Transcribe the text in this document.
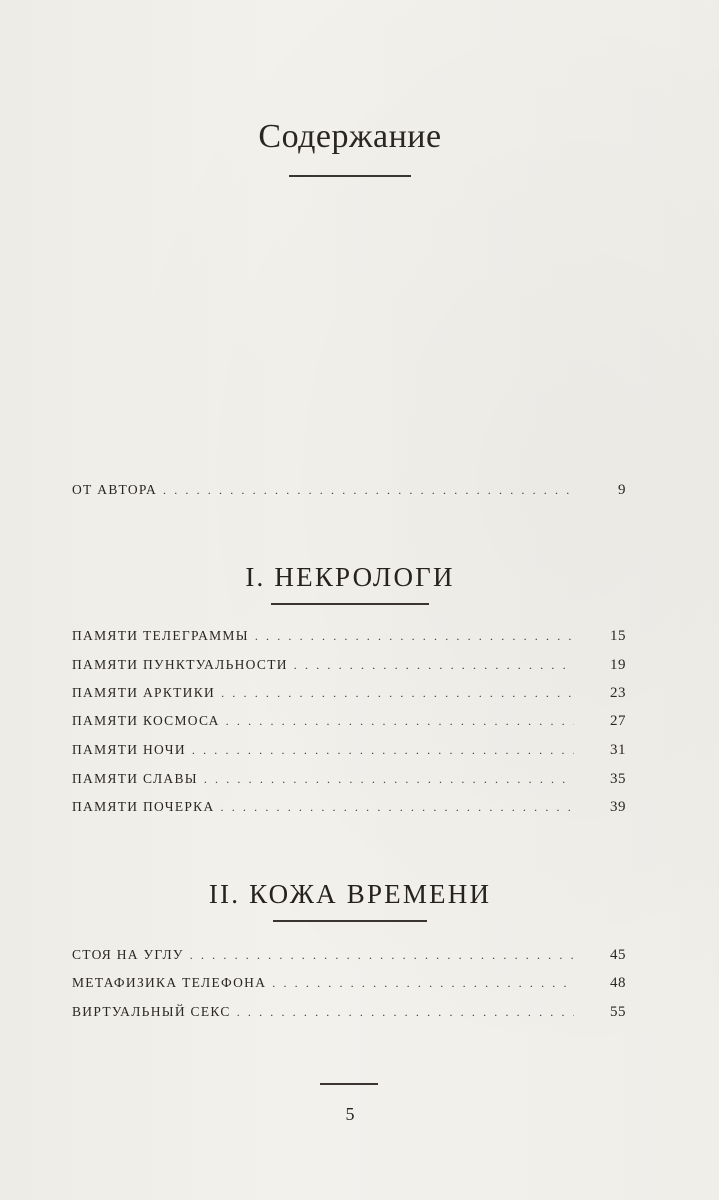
Содержание
ОТ АВТОРА . . .	9
I. НЕКРОЛОГИ
ПАМЯТИ ТЕЛЕГРАММЫ . . .	15
ПАМЯТИ ПУНКТУАЛЬНОСТИ . . .	19
ПАМЯТИ АРКТИКИ . . .	23
ПАМЯТИ КОСМОСА . . .	27
ПАМЯТИ НОЧИ . . .	31
ПАМЯТИ СЛАВЫ . . .	35
ПАМЯТИ ПОЧЕРКА . . .	39
II. КОЖА ВРЕМЕНИ
СТОЯ НА УГЛУ . . .	45
МЕТАФИЗИКА ТЕЛЕФОНА . . .	48
ВИРТУАЛЬНЫЙ СЕКС . . .	55
5
